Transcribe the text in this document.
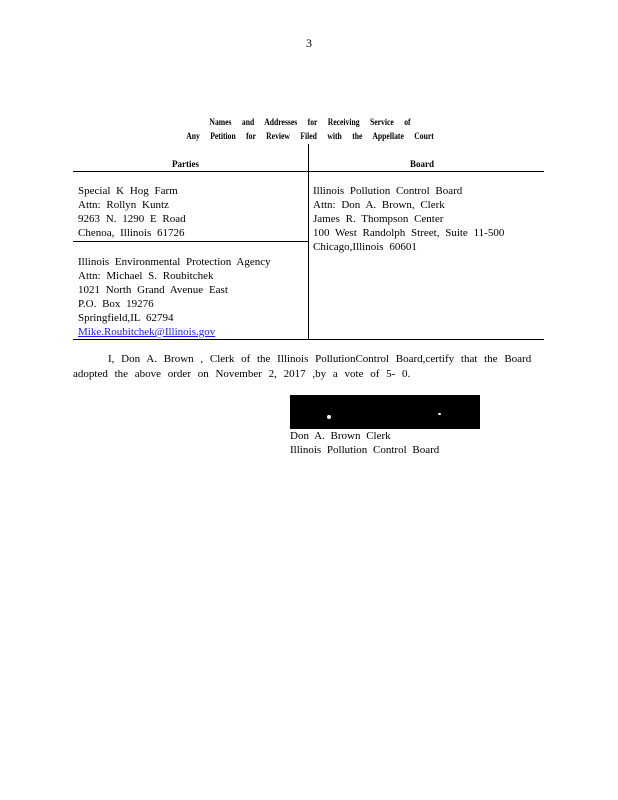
3
Names and Addresses for Receiving Service of
Any Petition for Review Filed with the Appellate Court
Parties	Board
Special K Hog Farm
Attn: Rollyn Kuntz
9263 N. 1290 E Road
Chenoa, Illinois 61726
Illinois Environmental Protection Agency
Attn: Michael S. Roubitchek
1021 North Grand Avenue East
P.O. Box 19276
Springfield,IL 62794
Mike.Roubitchek@Illinois.gov
Illinois Pollution Control Board
Attn: Don A. Brown, Clerk
James R. Thompson Center
100 West Randolph Street, Suite 11-500
Chicago,Illinois 60601
I, Don A. Brown , Clerk of the Illinois PollutionControl Board,certify that the Board
adopted the above order on November 2, 2017 ,by a vote of 5- 0.
Don A. Brown Clerk
Illinois Pollution Control Board
